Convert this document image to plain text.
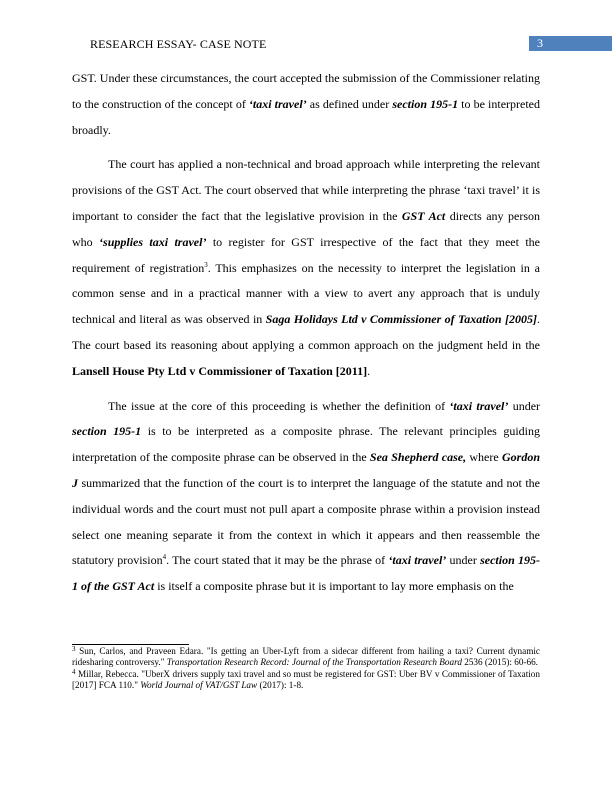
RESEARCH ESSAY- CASE NOTE	3

GST. Under these circumstances, the court accepted the submission of the Commissioner relating to the construction of the concept of ‘taxi travel’ as defined under section 195-1 to be interpreted broadly.

The court has applied a non-technical and broad approach while interpreting the relevant provisions of the GST Act. The court observed that while interpreting the phrase ‘taxi travel’ it is important to consider the fact that the legislative provision in the GST Act directs any person who ‘supplies taxi travel’ to register for GST irrespective of the fact that they meet the requirement of registration$^3$. This emphasizes on the necessity to interpret the legislation in a common sense and in a practical manner with a view to avert any approach that is unduly technical and literal as was observed in Saga Holidays Ltd v Commissioner of Taxation [2005]. The court based its reasoning about applying a common approach on the judgment held in the Lansell House Pty Ltd v Commissioner of Taxation [2011].

The issue at the core of this proceeding is whether the definition of ‘taxi travel’ under section 195-1 is to be interpreted as a composite phrase. The relevant principles guiding interpretation of the composite phrase can be observed in the Sea Shepherd case, where Gordon J summarized that the function of the court is to interpret the language of the statute and not the individual words and the court must not pull apart a composite phrase within a provision instead select one meaning separate it from the context in which it appears and then reassemble the statutory provision$^4$. The court stated that it may be the phrase of ‘taxi travel’ under section 195-1 of the GST Act is itself a composite phrase but it is important to lay more emphasis on the

$^3$ Sun, Carlos, and Praveen Edara. "Is getting an Uber-Lyft from a sidecar different from hailing a taxi? Current dynamic ridesharing controversy." Transportation Research Record: Journal of the Transportation Research Board 2536 (2015): 60-66.

$^4$ Millar, Rebecca. "UberX drivers supply taxi travel and so must be registered for GST: Uber BV v Commissioner of Taxation [2017] FCA 110." World Journal of VAT/GST Law (2017): 1-8.
